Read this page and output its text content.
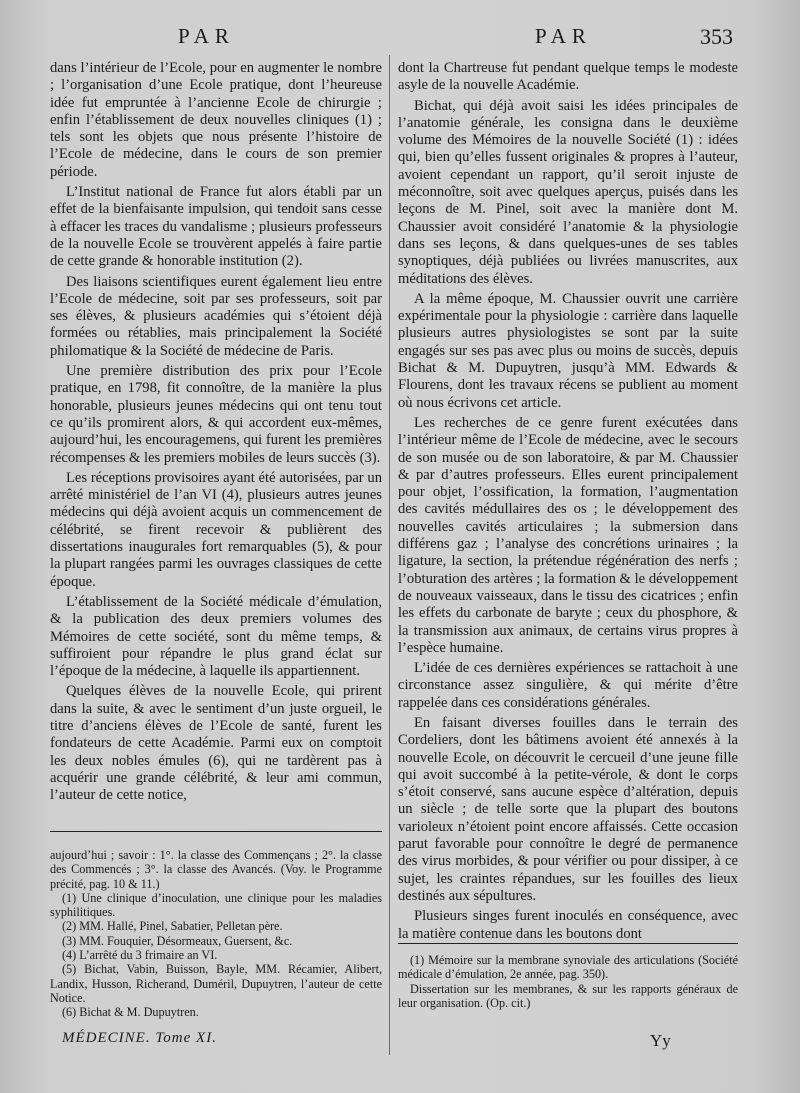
PAR	PAR	353

dans l’intérieur de l’Ecole, pour en augmenter le nombre ; l’organisation d’une Ecole pratique, dont l’heureuse idée fut empruntée à l’ancienne Ecole de chirurgie ; enfin l’établissement de deux nouvelles cliniques (1) ; tels sont les objets que nous présente l’histoire de l’Ecole de médecine, dans le cours de son premier période.

L’Institut national de France fut alors établi par un effet de la bienfaisante impulsion, qui tendoit sans cesse à effacer les traces du vandalisme ; plusieurs professeurs de la nouvelle Ecole se trouvèrent appelés à faire partie de cette grande & honorable institution (2).

Des liaisons scientifiques eurent également lieu entre l’Ecole de médecine, soit par ses professeurs, soit par ses élèves, & plusieurs académies qui s’étoient déjà formées ou rétablies, mais principalement la Société philomatique & la Société de médecine de Paris.

Une première distribution des prix pour l’Ecole pratique, en 1798, fit connoître, de la manière la plus honorable, plusieurs jeunes médecins qui ont tenu tout ce qu’ils promirent alors, & qui accordent eux-mêmes, aujourd’hui, les encouragemens, qui furent les premières récompenses & les premiers mobiles de leurs succès (3).

Les réceptions provisoires ayant été autorisées, par un arrêté ministériel de l’an VI (4), plusieurs autres jeunes médecins qui déjà avoient acquis un commencement de célébrité, se firent recevoir & publièrent des dissertations inaugurales fort remarquables (5), & pour la plupart rangées parmi les ouvrages classiques de cette époque.

L’établissement de la Société médicale d’émulation, & la publication des deux premiers volumes des Mémoires de cette société, sont du même temps, & suffiroient pour répandre le plus grand éclat sur l’époque de la médecine, à laquelle ils appartiennent.

Quelques élèves de la nouvelle Ecole, qui prirent dans la suite, & avec le sentiment d’un juste orgueil, le titre d’anciens élèves de l’Ecole de santé, furent les fondateurs de cette Académie. Parmi eux on comptoit les deux nobles émules (6), qui ne tardèrent pas à acquérir une grande célébrité, & leur ami commun, l’auteur de cette notice,

dont la Chartreuse fut pendant quelque temps le modeste asyle de la nouvelle Académie.

Bichat, qui déjà avoit saisi les idées principales de l’anatomie générale, les consigna dans le deuxième volume des Mémoires de la nouvelle Société (1) : idées qui, bien qu’elles fussent originales & propres à l’auteur, avoient cependant un rapport, qu’il seroit injuste de méconnoître, soit avec quelques aperçus, puisés dans les leçons de M. Pinel, soit avec la manière dont M. Chaussier avoit considéré l’anatomie & la physiologie dans ses leçons, & dans quelques-unes de ses tables synoptiques, déjà publiées ou livrées manuscrites, aux méditations des élèves.

A la même époque, M. Chaussier ouvrit une carrière expérimentale pour la physiologie : carrière dans laquelle plusieurs autres physiologistes se sont par la suite engagés sur ses pas avec plus ou moins de succès, depuis Bichat & M. Dupuytren, jusqu’à MM. Edwards & Flourens, dont les travaux récens se publient au moment où nous écrivons cet article.

Les recherches de ce genre furent exécutées dans l’intérieur même de l’Ecole de médecine, avec le secours de son musée ou de son laboratoire, & par M. Chaussier & par d’autres professeurs. Elles eurent principalement pour objet, l’ossification, la formation, l’augmentation des cavités médullaires des os ; le développement des nouvelles cavités articulaires ; la submersion dans différens gaz ; l’analyse des concrétions urinaires ; la ligature, la section, la prétendue régénération des nerfs ; l’obturation des artères ; la formation & le développement de nouveaux vaisseaux, dans le tissu des cicatrices ; enfin les effets du carbonate de baryte ; ceux du phosphore, & la transmission aux animaux, de certains virus propres à l’espèce humaine.

L’idée de ces dernières expériences se rattachoit à une circonstance assez singulière, & qui mérite d’être rappelée dans ces considérations générales.

En faisant diverses fouilles dans le terrain des Cordeliers, dont les bâtimens avoient été annexés à la nouvelle Ecole, on découvrit le cercueil d’une jeune fille qui avoit succombé à la petite-vérole, & dont le corps s’étoit conservé, sans aucune espèce d’altération, depuis un siècle ; de telle sorte que la plupart des boutons varioleux n’étoient point encore affaissés. Cette occasion parut favorable pour connoître le degré de permanence des virus morbides, & pour vérifier ou pour dissiper, à ce sujet, les craintes répandues, sur les fouilles des lieux destinés aux sépultures.

Plusieurs singes furent inoculés en conséquence, avec la matière contenue dans les boutons dont

aujourd’hui ; savoir : 1°. la classe des Commençans ; 2°. la classe des Commencés ; 3°. la classe des Avancés. (Voy. le Programme précité, pag. 10 & 11.)

(1) Une clinique d’inoculation, une clinique pour les maladies syphilitiques.

(2) MM. Hallé, Pinel, Sabatier, Pelletan père.

(3) MM. Fouquier, Désormeaux, Guersent, &c.

(4) L’arrêté du 3 frimaire an VI.

(5) Bichat, Vabin, Buisson, Bayle, MM. Récamier, Alibert, Landix, Husson, Richerand, Duméril, Dupuytren, l’auteur de cette Notice.

(6) Bichat & M. Dupuytren.

(1) Mémoire sur la membrane synoviale des articulations (Société médicale d’émulation, 2e année, pag. 350).

Dissertation sur les membranes, & sur les rapports généraux de leur organisation. (Op. cit.)

MÉDECINE. Tome XI.	Yy
